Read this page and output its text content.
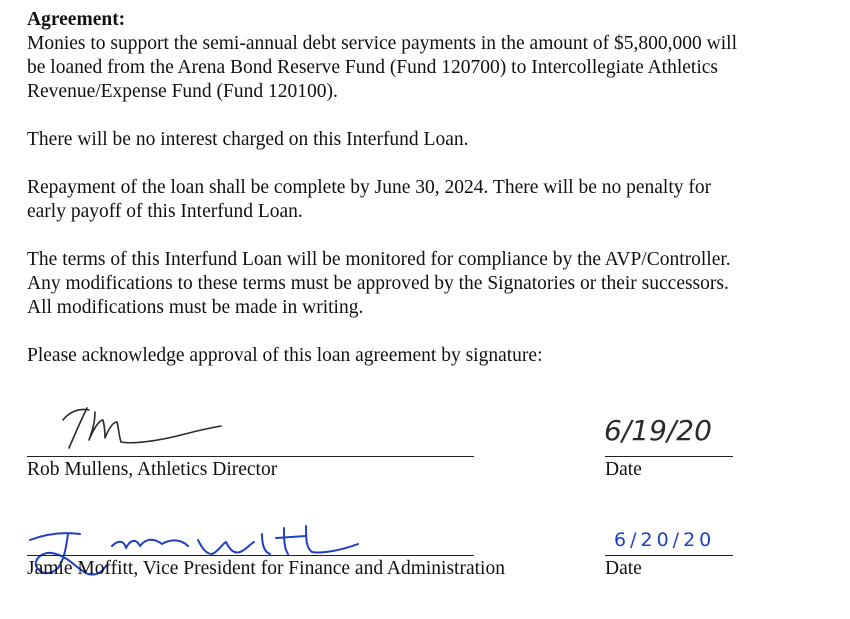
Agreement:

Monies to support the semi-annual debt service payments in the amount of $5,800,000 will
be loaned from the Arena Bond Reserve Fund (Fund 120700) to Intercollegiate Athletics
Revenue/Expense Fund (Fund 120100).
There will be no interest charged on this Interfund Loan.
Repayment of the loan shall be complete by June 30, 2024. There will be no penalty for
early payoff of this Interfund Loan.
The terms of this Interfund Loan will be monitored for compliance by the AVP/Controller.
Any modifications to these terms must be approved by the Signatories or their successors.
All modifications must be made in writing.
Please acknowledge approval of this loan agreement by signature:
Rob Mullens, Athletics Director
6/19/20
Date
Jamie Moffitt, Vice President for Finance and Administration
6/20/20
Date
